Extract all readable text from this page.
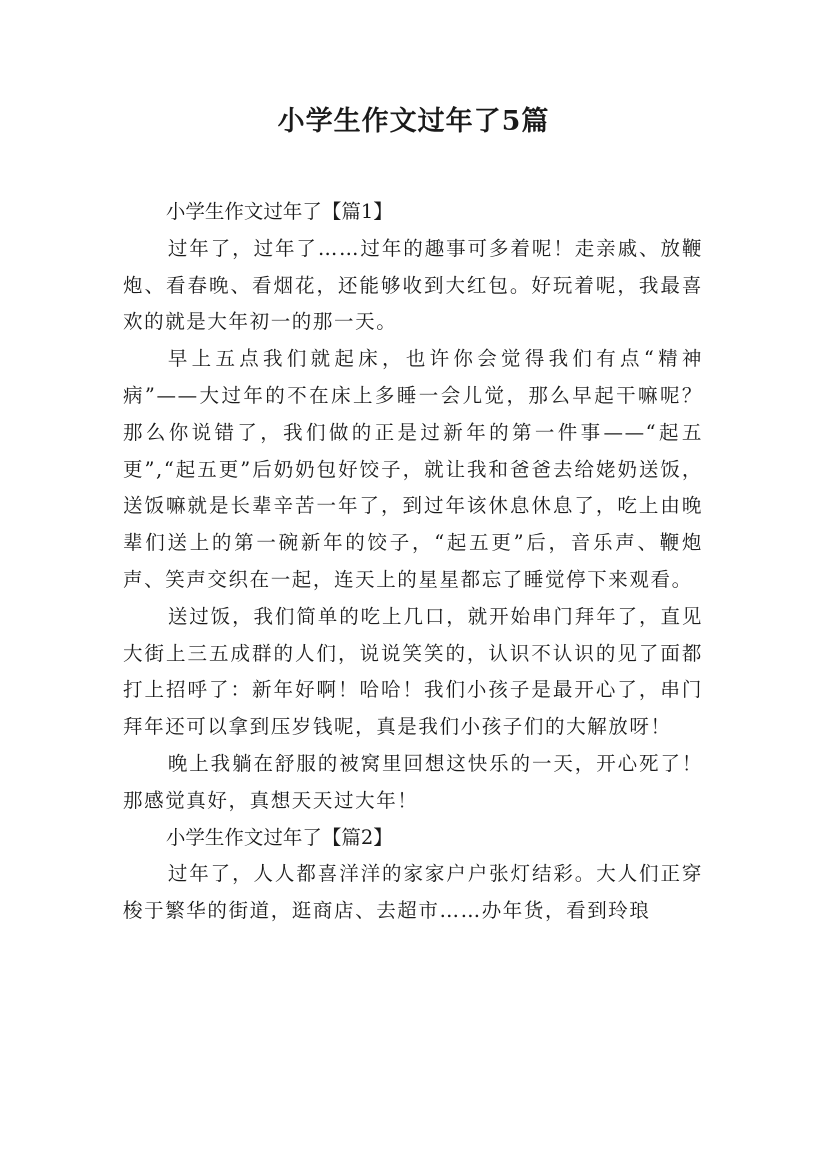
小学生作文过年了5篇

小学生作文过年了【篇1】

过年了，过年了……过年的趣事可多着呢！走亲戚、放鞭炮、看春晚、看烟花，还能够收到大红包。好玩着呢，我最喜欢的就是大年初一的那一天。

早上五点我们就起床，也许你会觉得我们有点“精神病”——大过年的不在床上多睡一会儿觉，那么早起干嘛呢？那么你说错了，我们做的正是过新年的第一件事——“起五更”,“起五更”后奶奶包好饺子，就让我和爸爸去给姥奶送饭，送饭嘛就是长辈辛苦一年了，到过年该休息休息了，吃上由晚辈们送上的第一碗新年的饺子，“起五更”后，音乐声、鞭炮声、笑声交织在一起，连天上的星星都忘了睡觉停下来观看。

送过饭，我们简单的吃上几口，就开始串门拜年了，直见大街上三五成群的人们，说说笑笑的，认识不认识的见了面都打上招呼了：新年好啊！哈哈！我们小孩子是最开心了，串门拜年还可以拿到压岁钱呢，真是我们小孩子们的大解放呀！

晚上我躺在舒服的被窝里回想这快乐的一天，开心死了！那感觉真好，真想天天过大年！

小学生作文过年了【篇2】

过年了，人人都喜洋洋的家家户户张灯结彩。大人们正穿梭于繁华的街道，逛商店、去超市……办年货，看到玲琅
